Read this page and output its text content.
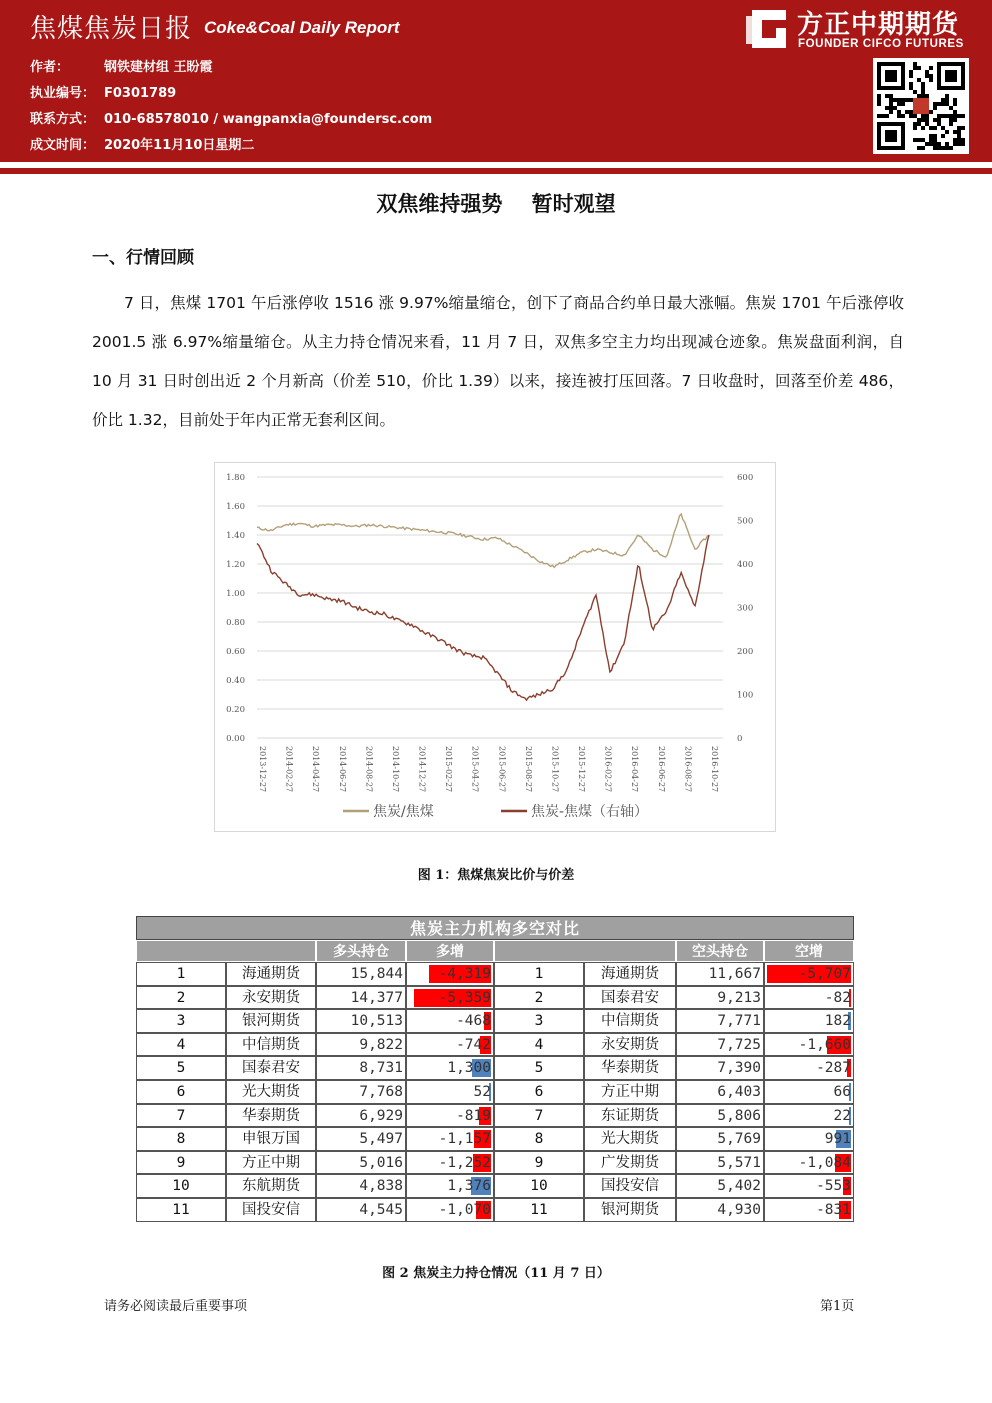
焦煤焦炭日报 Coke&Coal Daily Report
作者：	钢铁建材组 王盼霞
执业编号： F0301789
联系方式： 010-68578010 / wangpanxia@foundersc.com
成文时间： 2020年11月10日星期二
方正中期期货
FOUNDER CIFCO FUTURES
双焦维持强势    暂时观望
一、行情回顾
7 日，焦煤 1701 午后涨停收 1516 涨 9.97%缩量缩仓，创下了商品合约单日最大涨幅。焦炭 1701 午后涨停收 2001.5 涨 6.97%缩量缩仓。从主力持仓情况来看，11 月 7 日，双焦多空主力均出现减仓迹象。焦炭盘面利润，自 10 月 31 日时创出近 2 个月新高（价差 510，价比 1.39）以来，接连被打压回落。7 日收盘时，回落至价差 486，价比 1.32，目前处于年内正常无套利区间。
1.80
1.60
1.40
1.20
1.00
0.80
0.60
0.40
0.20
0.00
600
500
400
300
200
100
0
2013-12-27 2014-02-27 2014-04-27 2014-06-27 2014-08-27 2014-10-27 2014-12-27 2015-02-27 2015-04-27 2015-06-27 2015-08-27 2015-10-27 2015-12-27 2016-02-27 2016-04-27 2016-06-27 2016-08-27 2016-10-27
焦炭/焦煤	焦炭-焦煤（右轴）
图 1：焦煤焦炭比价与价差
焦炭主力机构多空对比
多头持仓	多增	空头持仓	空增
1	海通期货	15,844	-4,319	1	海通期货	11,667	-5,707
2	永安期货	14,377	-5,359	2	国泰君安	9,213	-82
3	银河期货	10,513	-468	3	中信期货	7,771	182
4	中信期货	9,822	-742	4	永安期货	7,725	-1,660
5	国泰君安	8,731	1,300	5	华泰期货	7,390	-287
6	光大期货	7,768	52	6	方正中期	6,403	66
7	华泰期货	6,929	-819	7	东证期货	5,806	22
8	申银万国	5,497	-1,157	8	光大期货	5,769	991
9	方正中期	5,016	-1,252	9	广发期货	5,571	-1,084
10	东航期货	4,838	1,376	10	国投安信	5,402	-553
11	国投安信	4,545	-1,070	11	银河期货	4,930	-831
图 2 焦炭主力持仓情况（11 月 7 日）
请务必阅读最后重要事项	第1页
